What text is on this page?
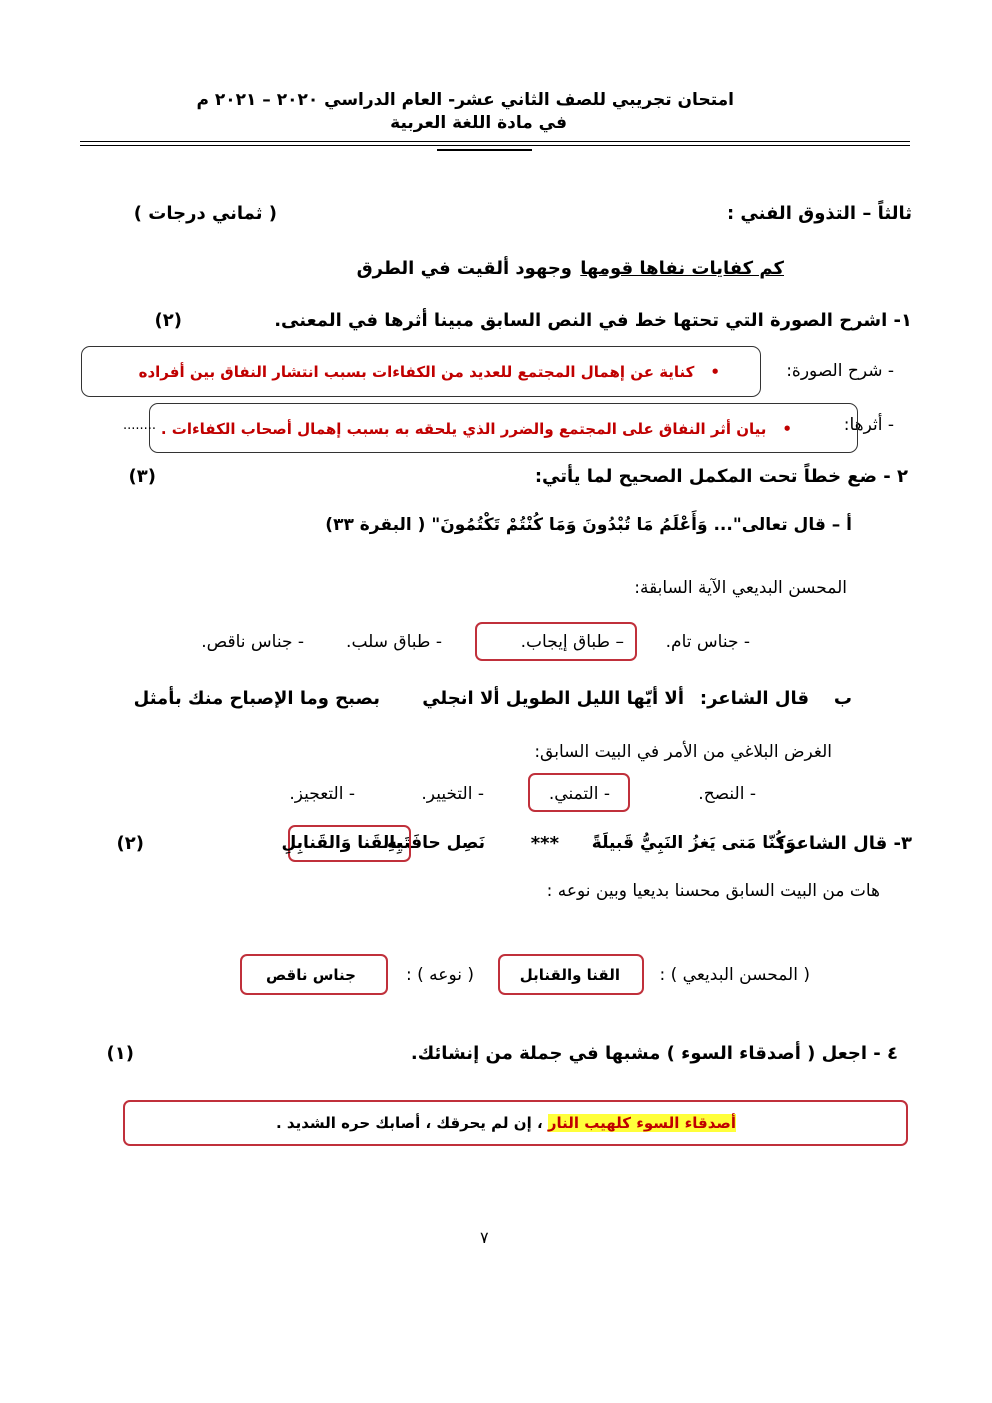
امتحان تجريبي للصف الثاني عشر- العام الدراسي ٢٠٢٠ – ٢٠٢١ م
في مادة اللغة العربية
ثالثاً – التذوق الفني :
( ثماني درجات )
كم كفايات نفاها قومها
وجهود ألقيت في الطرق
١- اشرح الصورة التي تحتها خط في النص السابق مبينا أثرها في المعنى.
(٢)
- شرح الصورة:
•كناية عن إهمال المجتمع للعديد من الكفاءات بسبب انتشار النفاق بين أفراده
- أثرها:
•بيان أثر النفاق على المجتمع والضرر الذي يلحقه به بسبب إهمال أصحاب الكفاءات .
........
٢ - ضع خطاً تحت المكمل الصحيح لما يأتي:
(٣)
أ – قال تعالى"... وَأَعْلَمُ مَا تُبْدُونَ وَمَا كُنْتُمْ تَكْتُمُونَ" ( البقرة ٣٣)
المحسن البديعي الآية السابقة:
- جناس تام.
– طباق إيجاب.
- طباق سلب.
- جناس ناقص.
ب
قال الشاعر:
ألا أيّها الليل الطويل ألا انجلي
بصبح وما الإصباح منك بأمثل
الغرض البلاغي من الأمر في البيت السابق:
- النصح.
- التمني.
- التخيير.
- التعجيز.
٣- قال الشاعر:
وَكُنّا مَتى يَغزُ النَبِيُّ قَبيلَةً
***
نَصِل حافَتَيهِ
بِالقَنا وَالقَنابِلِ
(٢)
هات من البيت السابق محسنا بديعيا وبين نوعه :
( المحسن البديعي ) :
القنا والقنابل
( نوعه ) :
جناس ناقص
٤ - اجعل ( أصدقاء السوء ) مشبها في جملة من إنشائك.
(١)
أصدقاء السوء كلهيب النار ، إن لم يحرقك ، أصابك حره الشديد .
٧
